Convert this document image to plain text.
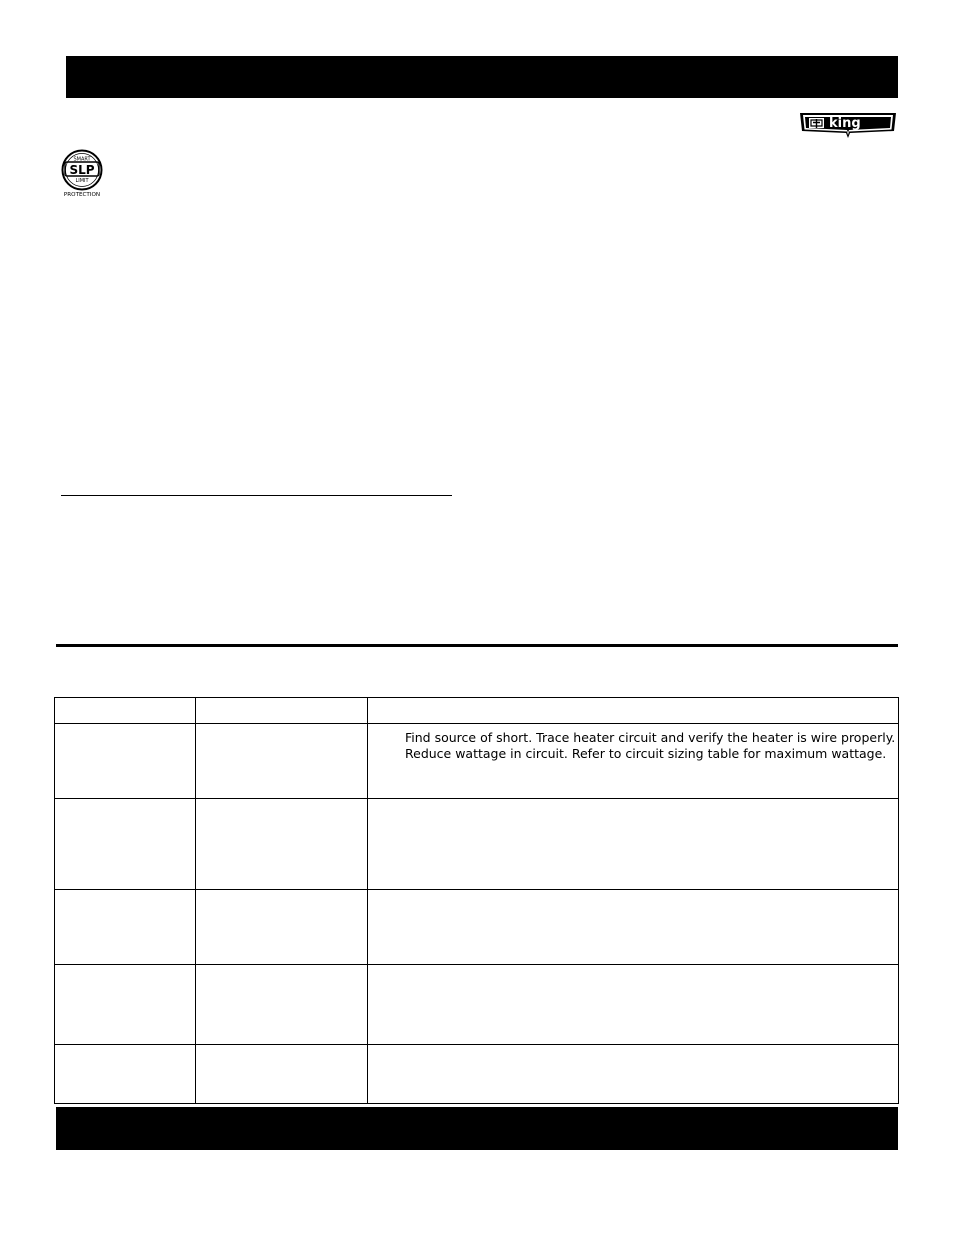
king
SMART
SLP
LIMIT
PROTECTION

		Find source of short. Trace heater circuit and verify the heater is wire properly.
Reduce wattage in circuit. Refer to circuit sizing table for maximum wattage.
